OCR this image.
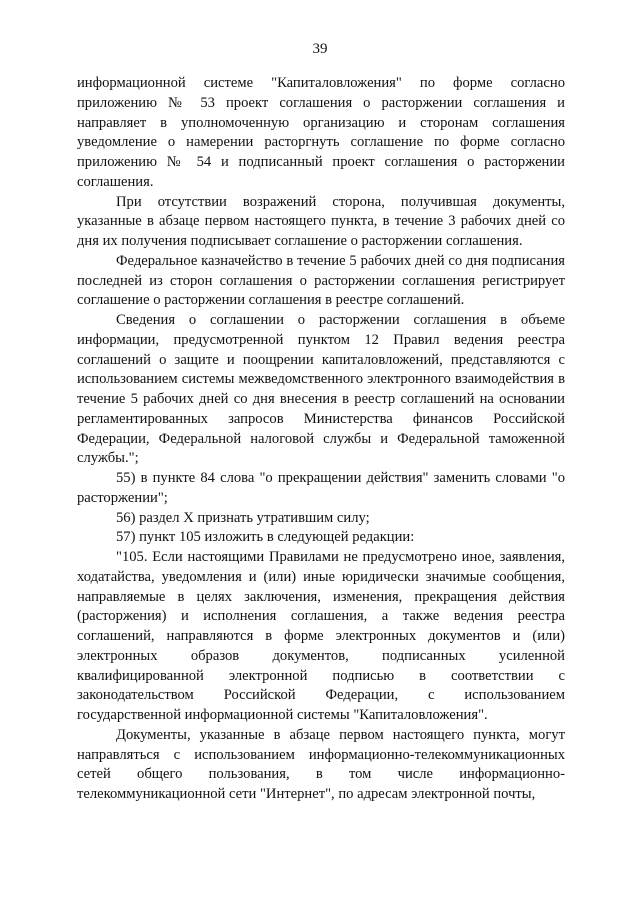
39

информационной системе "Капиталовложения" по форме согласно приложению № 53 проект соглашения о расторжении соглашения и направляет в уполномоченную организацию и сторонам соглашения уведомление о намерении расторгнуть соглашение по форме согласно приложению № 54 и подписанный проект соглашения о расторжении соглашения.

При отсутствии возражений сторона, получившая документы, указанные в абзаце первом настоящего пункта, в течение 3 рабочих дней со дня их получения подписывает соглашение о расторжении соглашения.

Федеральное казначейство в течение 5 рабочих дней со дня подписания последней из сторон соглашения о расторжении соглашения регистрирует соглашение о расторжении соглашения в реестре соглашений.

Сведения о соглашении о расторжении соглашения в объеме информации, предусмотренной пунктом 12 Правил ведения реестра соглашений о защите и поощрении капиталовложений, представляются с использованием системы межведомственного электронного взаимодействия в течение 5 рабочих дней со дня внесения в реестр соглашений на основании регламентированных запросов Министерства финансов Российской Федерации, Федеральной налоговой службы и Федеральной таможенной службы.";

55) в пункте 84 слова "о прекращении действия" заменить словами "о расторжении";

56) раздел X признать утратившим силу;

57) пункт 105 изложить в следующей редакции:

"105. Если настоящими Правилами не предусмотрено иное, заявления, ходатайства, уведомления и (или) иные юридически значимые сообщения, направляемые в целях заключения, изменения, прекращения действия (расторжения) и исполнения соглашения, а также ведения реестра соглашений, направляются в форме электронных документов и (или) электронных образов документов, подписанных усиленной квалифицированной электронной подписью в соответствии с законодательством Российской Федерации, с использованием государственной информационной системы "Капиталовложения".

Документы, указанные в абзаце первом настоящего пункта, могут направляться с использованием информационно-телекоммуникационных сетей общего пользования, в том числе информационно-телекоммуникационной сети "Интернет", по адресам электронной почты,
